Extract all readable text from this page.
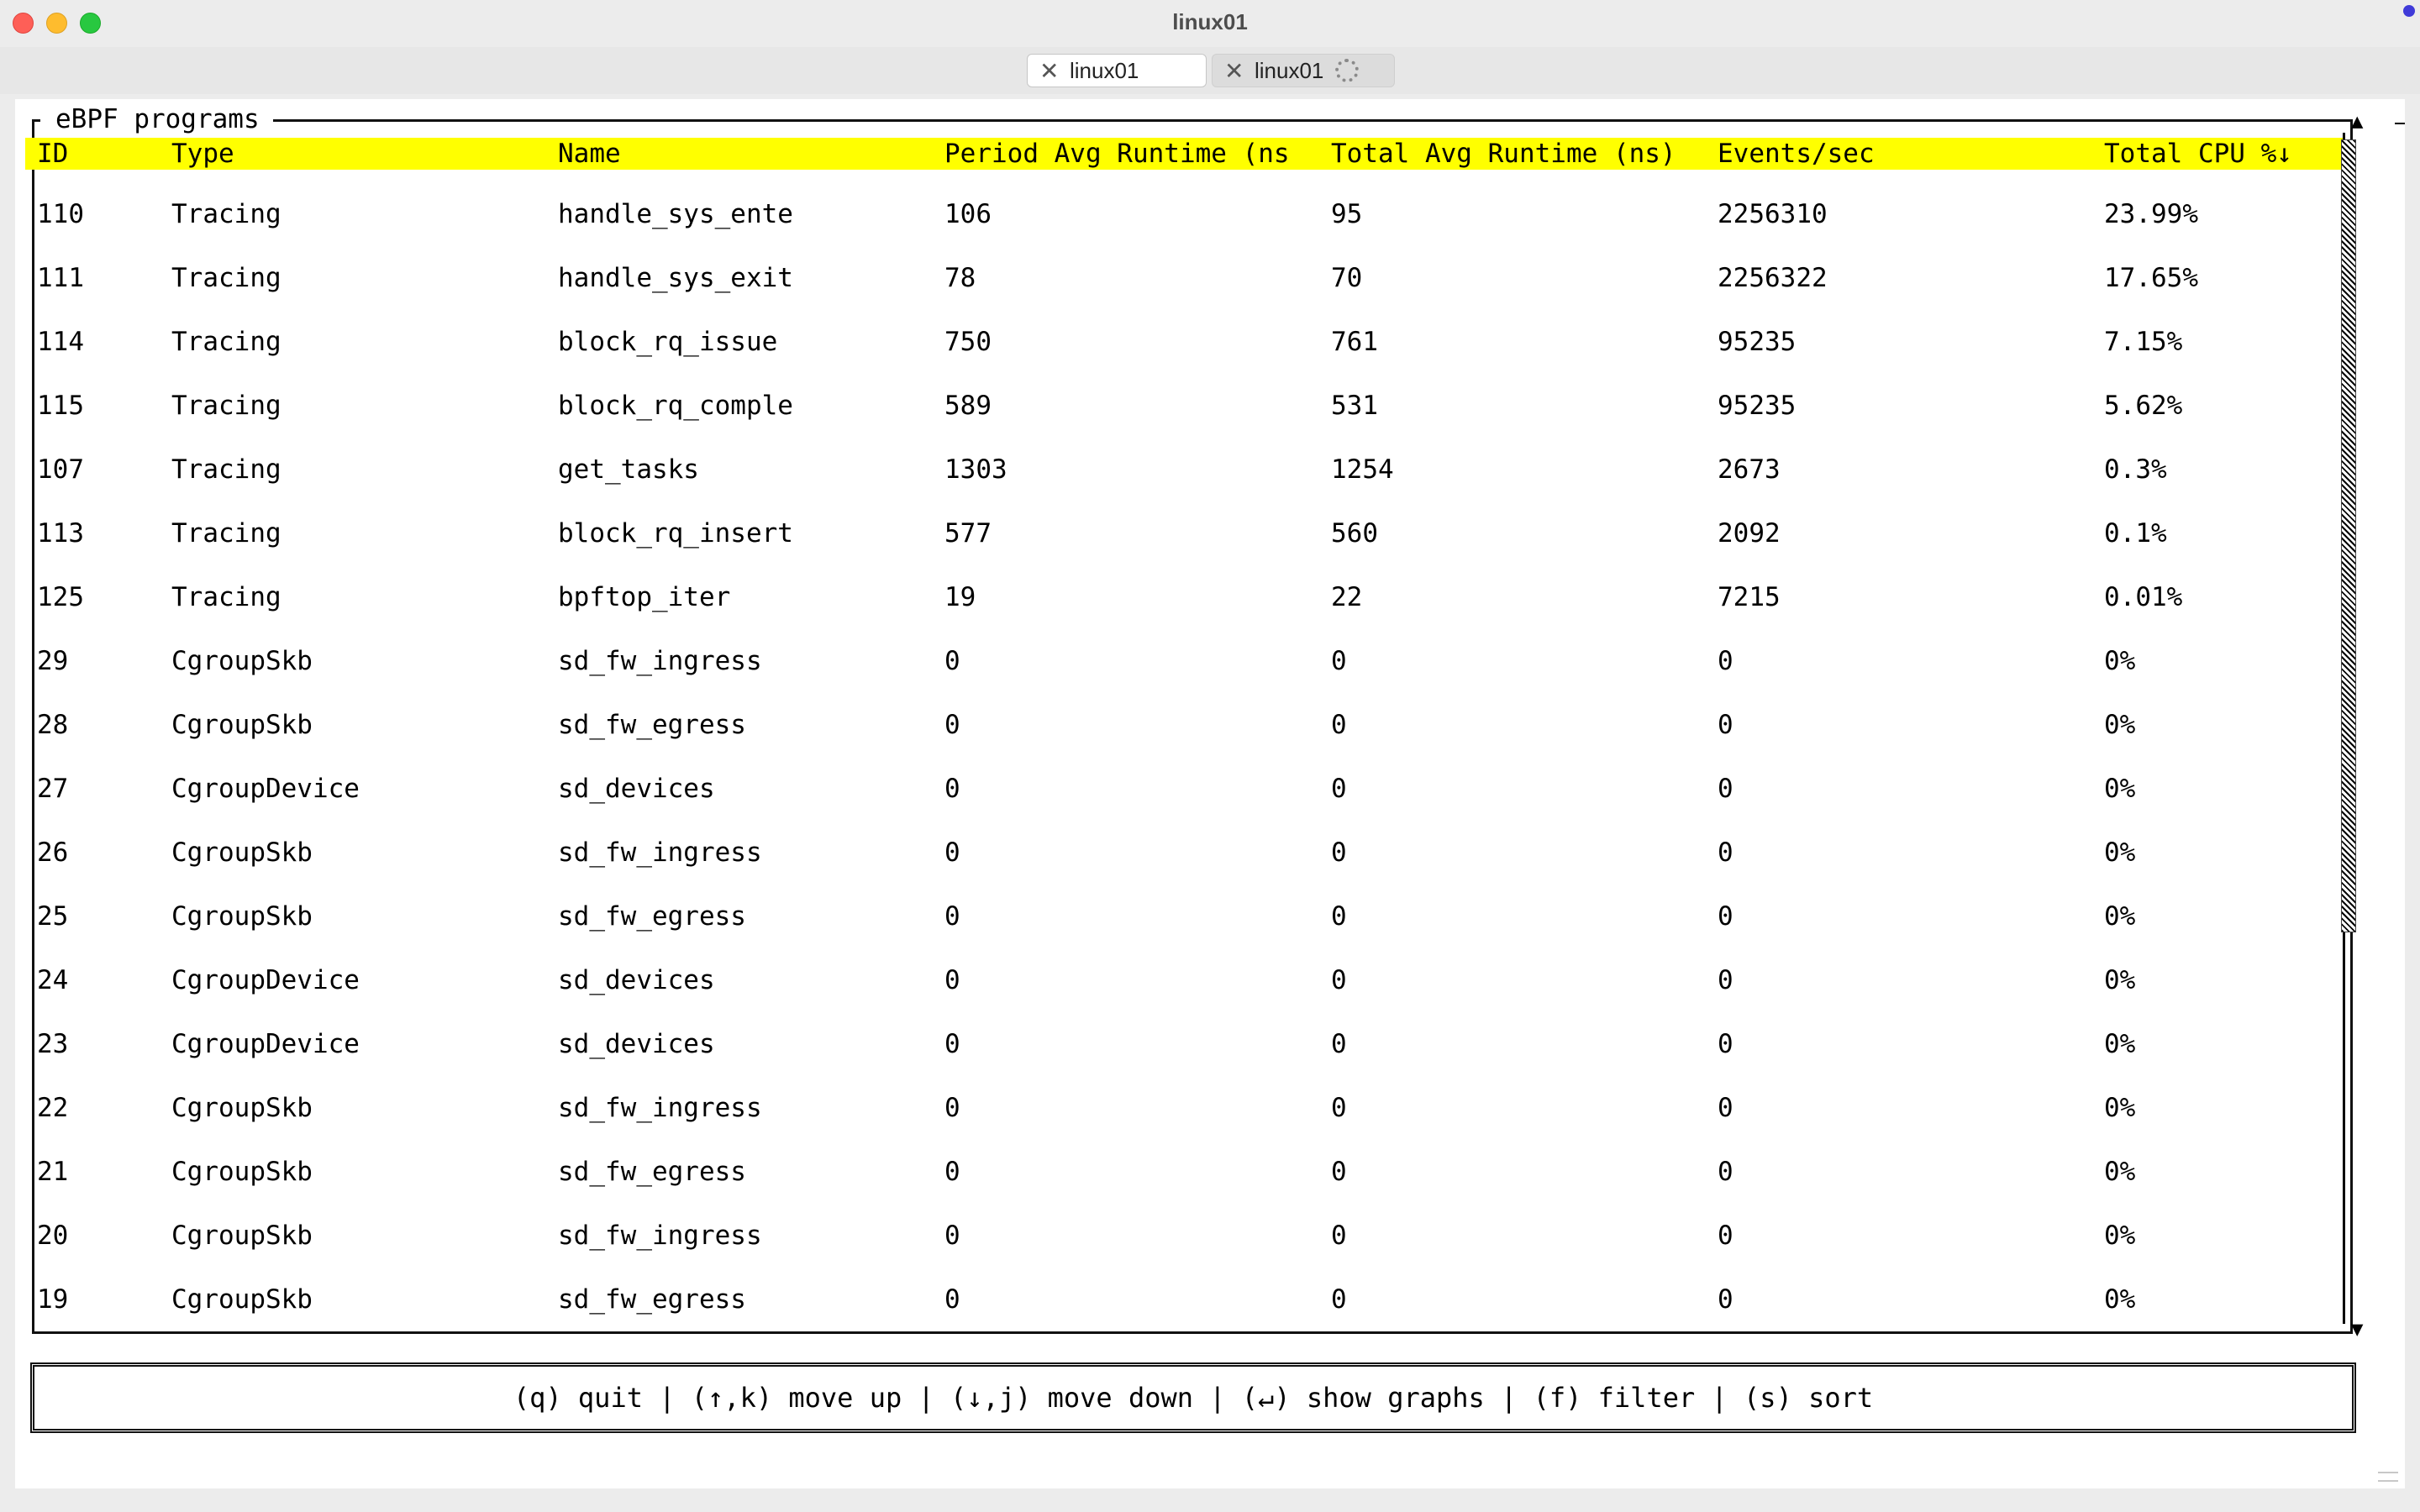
linux01
✕ linux01	✕ linux01
eBPF programs
ID	Type	Name	Period Avg Runtime (ns	Total Avg Runtime (ns)	Events/sec	Total CPU %↓
110	Tracing	handle_sys_ente	106	95	2256310	23.99%
111	Tracing	handle_sys_exit	78	70	2256322	17.65%
114	Tracing	block_rq_issue	750	761	95235	7.15%
115	Tracing	block_rq_comple	589	531	95235	5.62%
107	Tracing	get_tasks	1303	1254	2673	0.3%
113	Tracing	block_rq_insert	577	560	2092	0.1%
125	Tracing	bpftop_iter	19	22	7215	0.01%
29	CgroupSkb	sd_fw_ingress	0	0	0	0%
28	CgroupSkb	sd_fw_egress	0	0	0	0%
27	CgroupDevice	sd_devices	0	0	0	0%
26	CgroupSkb	sd_fw_ingress	0	0	0	0%
25	CgroupSkb	sd_fw_egress	0	0	0	0%
24	CgroupDevice	sd_devices	0	0	0	0%
23	CgroupDevice	sd_devices	0	0	0	0%
22	CgroupSkb	sd_fw_ingress	0	0	0	0%
21	CgroupSkb	sd_fw_egress	0	0	0	0%
20	CgroupSkb	sd_fw_ingress	0	0	0	0%
19	CgroupSkb	sd_fw_egress	0	0	0	0%
▲
▼
(q) quit | (↑,k) move up | (↓,j) move down | (↵) show graphs | (f) filter | (s) sort
